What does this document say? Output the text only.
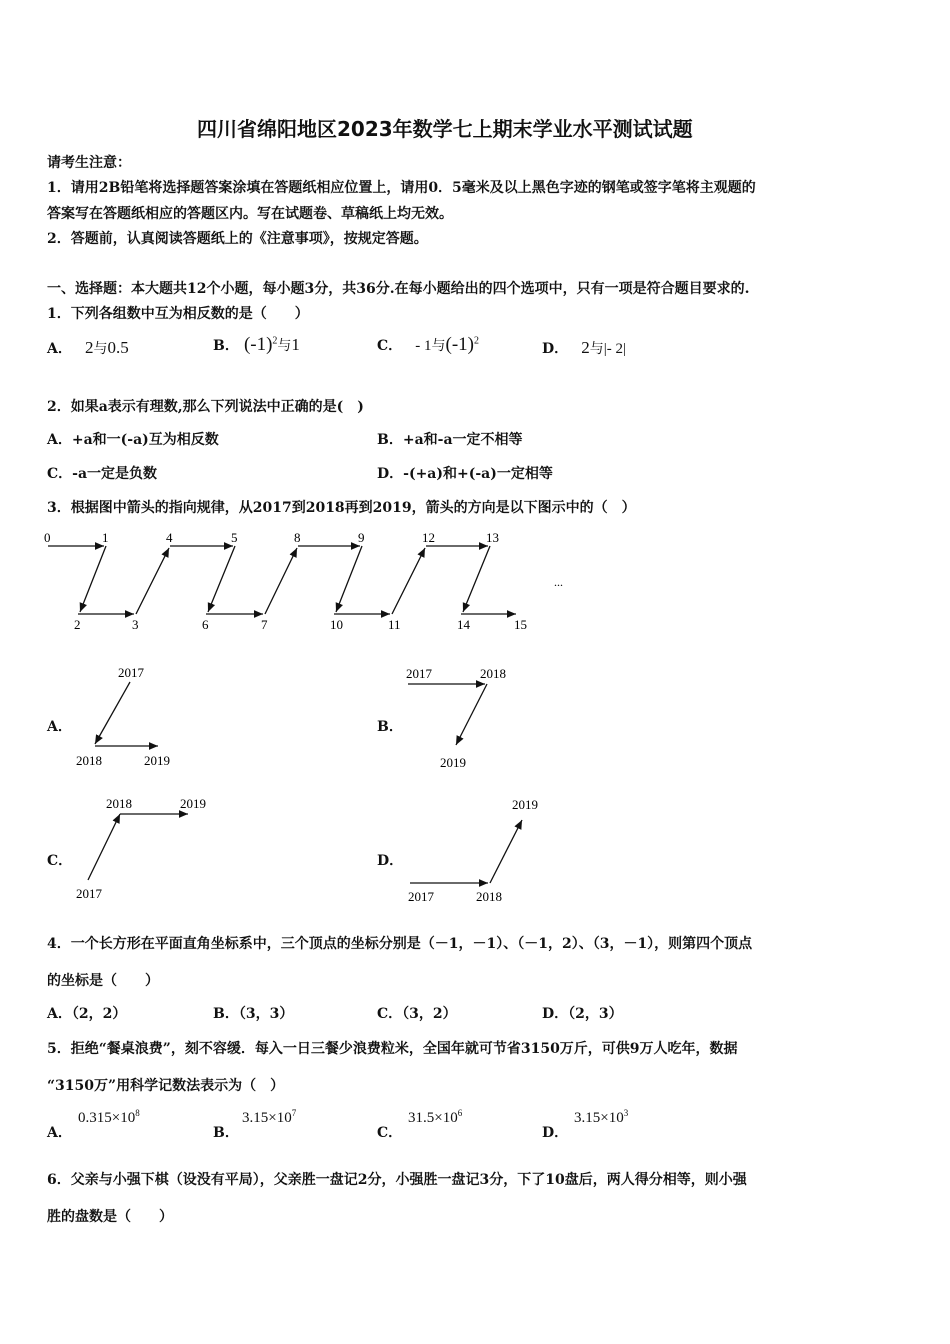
四川省绵阳地区2023年数学七上期末学业水平测试试题
请考生注意：
1．请用2B铅笔将选择题答案涂填在答题纸相应位置上，请用0．5毫米及以上黑色字迹的钢笔或签字笔将主观题的
答案写在答题纸相应的答题区内。写在试题卷、草稿纸上均无效。
2．答题前，认真阅读答题纸上的《注意事项》，按规定答题。
一、选择题：本大题共12个小题，每小题3分，共36分.在每小题给出的四个选项中，只有一项是符合题目要求的.
1．下列各组数中互为相反数的是（　　）
A． 2与0.5	B． $(-1)^2$与1	C． - 1与$(-1)^2$	D． 2与|- 2|
2．如果a表示有理数,那么下列说法中正确的是(　)
A．+a和一(-a)互为相反数	B．+a和-a一定不相等
C．-a一定是负数	D．-(+a)和+(-a)一定相等
3．根据图中箭头的指向规律，从2017到2018再到2019，箭头的方向是以下图示中的（　）
0	1	4	5	8	9	12	13
2	3	6	7	10	11	14	15
...
A．
2017
2018	2019
B．
2017	2018
2019
C．
2018	2019
2017
D．
2019
2017	2018
4．一个长方形在平面直角坐标系中，三个顶点的坐标分别是（－1，－1）、（－1，2）、（3，－1），则第四个顶点
的坐标是（　　）
A．（2，2）	B．（3，3）	C．（3，2）	D．（2，3）
5．拒绝“餐桌浪费”，刻不容缓．每入一日三餐少浪费粒米，全国年就可节省3150万斤，可供9万人吃年，数据
“3150万”用科学记数法表示为（　）
A．
$0.315\times 10^8$
B．
$3.15\times 10^7$
C．
$31.5\times 10^6$
D．
$3.15\times 10^3$
6．父亲与小强下棋（设没有平局），父亲胜一盘记2分，小强胜一盘记3分，下了10盘后，两人得分相等，则小强
胜的盘数是（　　）
